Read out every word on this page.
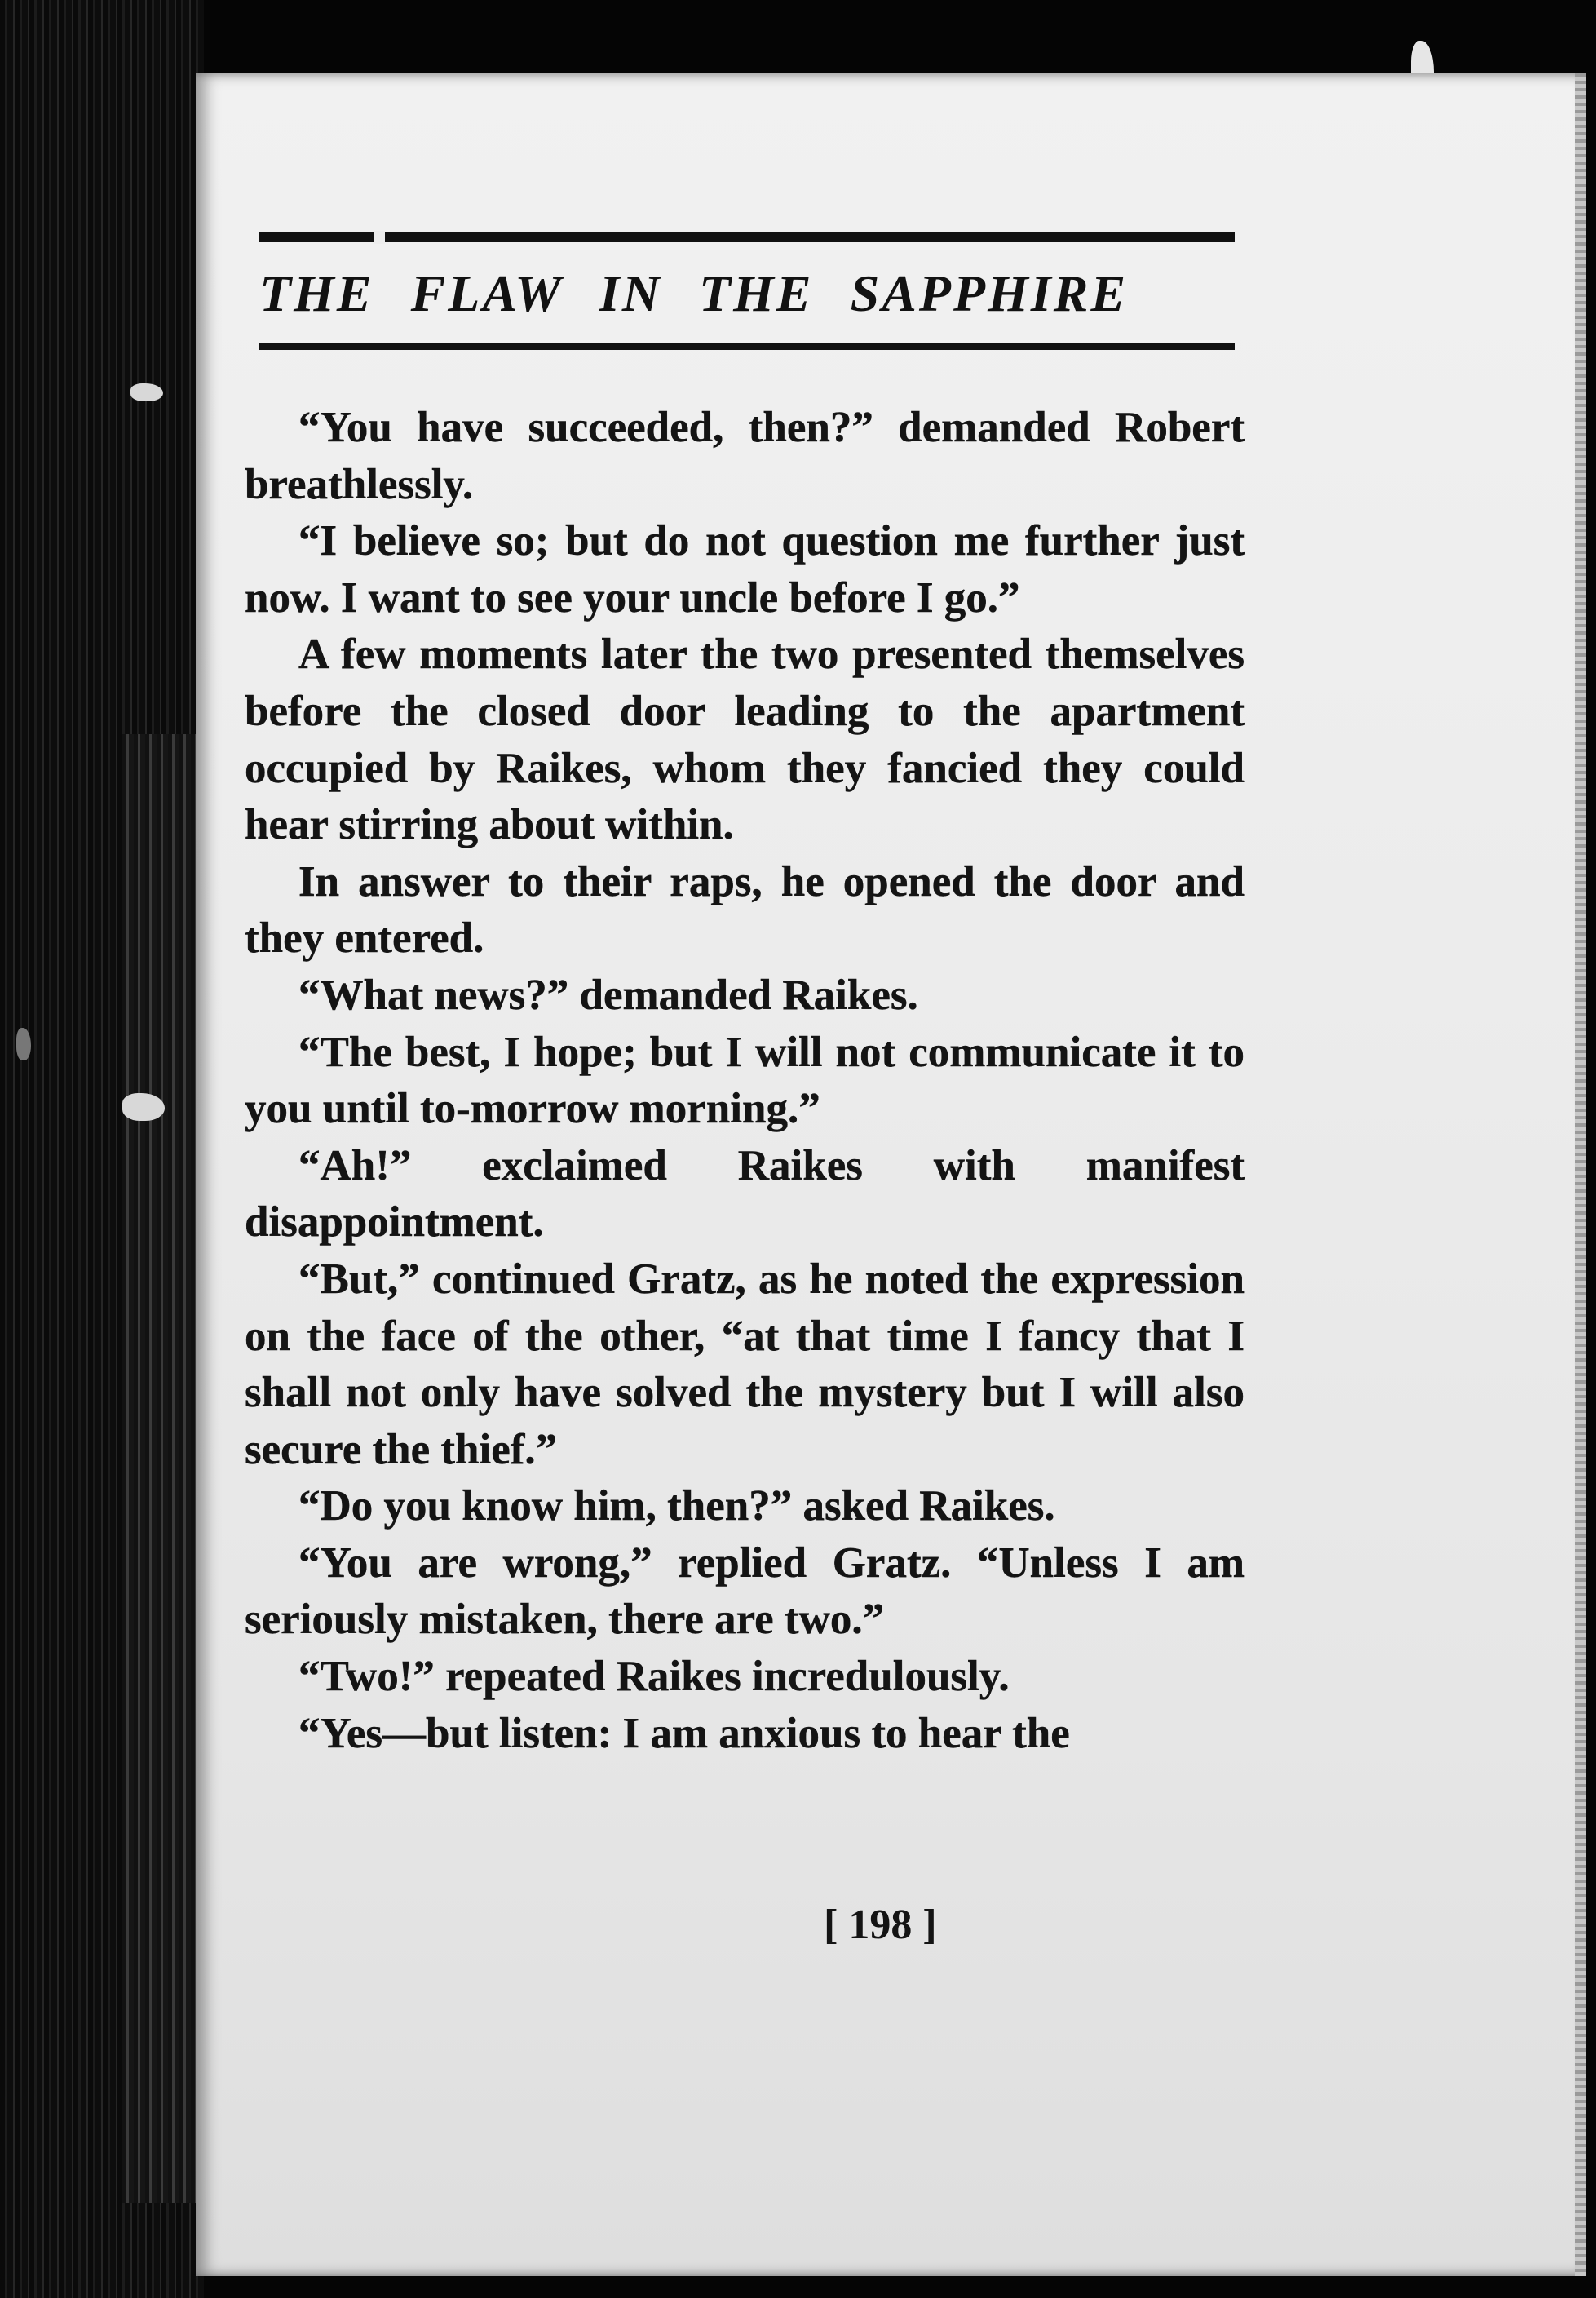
THE FLAW IN THE SAPPHIRE

“You have succeeded, then?” demanded Robert breathlessly.

“I believe so; but do not question me further just now. I want to see your uncle before I go.”

A few moments later the two presented themselves before the closed door leading to the apartment occupied by Raikes, whom they fancied they could hear stirring about within.

In answer to their raps, he opened the door and they entered.

“What news?” demanded Raikes.

“The best, I hope; but I will not communicate it to you until to-morrow morning.”

“Ah!” exclaimed Raikes with manifest disappointment.

“But,” continued Gratz, as he noted the expression on the face of the other, “at that time I fancy that I shall not only have solved the mystery but I will also secure the thief.”

“Do you know him, then?” asked Raikes.

“You are wrong,” replied Gratz. “Unless I am seriously mistaken, there are two.”

“Two!” repeated Raikes incredulously.

“Yes—but listen: I am anxious to hear the

[ 198 ]
